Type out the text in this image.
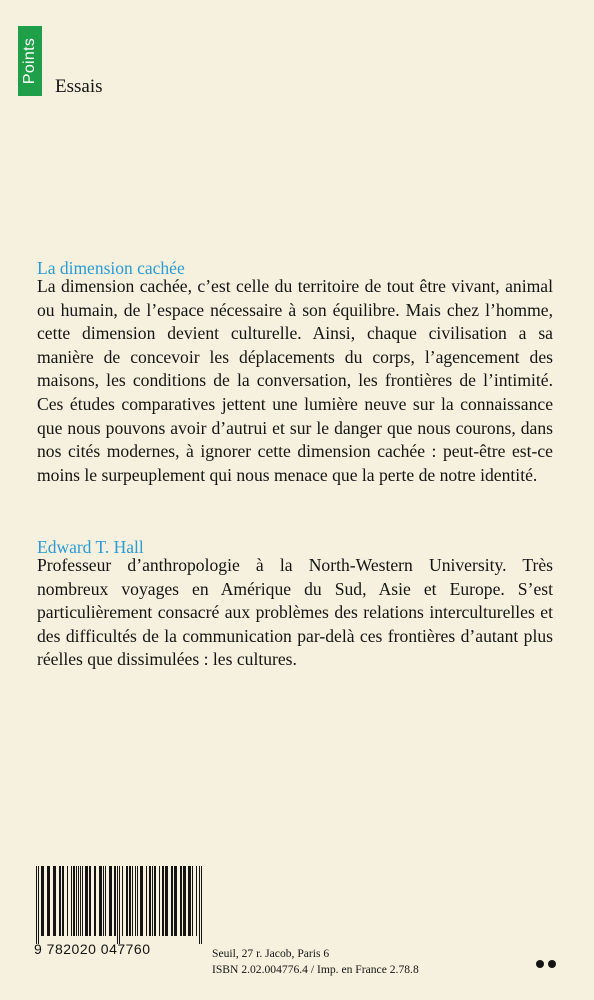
Points
Essais
La dimension cachée

La dimension cachée, c’est celle du territoire de tout être vivant, animal ou humain, de l’espace nécessaire à son équilibre. Mais chez l’homme, cette dimension devient culturelle. Ainsi, chaque civilisation a sa manière de concevoir les déplacements du corps, l’agencement des maisons, les conditions de la conversation, les frontières de l’intimité. Ces études comparatives jettent une lumière neuve sur la connaissance que nous pouvons avoir d’autrui et sur le danger que nous courons, dans nos cités modernes, à ignorer cette dimension cachée : peut-être est-ce moins le surpeuplement qui nous menace que la perte de notre identité.

Edward T. Hall

Professeur d’anthropologie à la North-Western University. Très nombreux voyages en Amérique du Sud, Asie et Europe. S’est particulièrement consacré aux problèmes des relations interculturelles et des difficultés de la communication par-delà ces frontières d’autant plus réelles que dissimulées : les cultures.

9 782020 047760	Seuil, 27 r. Jacob, Paris 6
ISBN 2.02.004776.4 / Imp. en France 2.78.8
